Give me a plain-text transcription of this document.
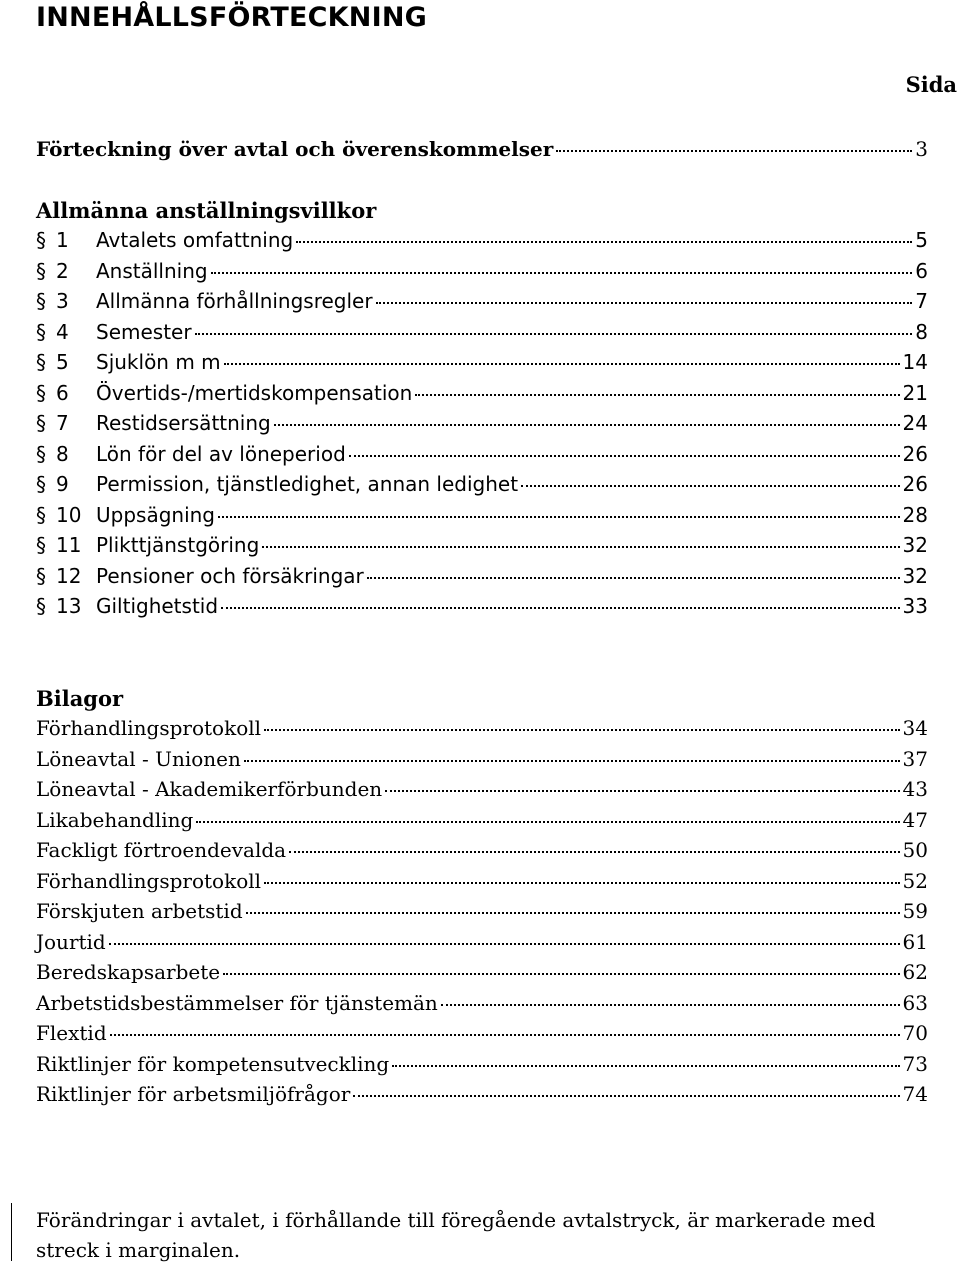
INNEHÅLLSFÖRTECKNING
Sida
Förteckning över avtal och överenskommelser	3
Allmänna anställningsvillkor
§ 1	Avtalets omfattning	5
§ 2	Anställning	6
§ 3	Allmänna förhållningsregler	7
§ 4	Semester	8
§ 5	Sjuklön m m	14
§ 6	Övertids-/mertidskompensation	21
§ 7	Restidsersättning	24
§ 8	Lön för del av löneperiod	26
§ 9	Permission, tjänstledighet, annan ledighet	26
§ 10 Uppsägning	28
§ 11 Plikttjänstgöring	32
§ 12 Pensioner och försäkringar	32
§ 13 Giltighetstid	33
Bilagor
Förhandlingsprotokoll	34
Löneavtal - Unionen	37
Löneavtal - Akademikerförbunden	43
Likabehandling	47
Fackligt förtroendevalda	50
Förhandlingsprotokoll	52
Förskjuten arbetstid	59
Jourtid	61
Beredskapsarbete	62
Arbetstidsbestämmelser för tjänstemän	63
Flextid	70
Riktlinjer för kompetensutveckling	73
Riktlinjer för arbetsmiljöfrågor	74
Förändringar i avtalet, i förhållande till föregående avtalstryck, är markerade med streck i marginalen.
